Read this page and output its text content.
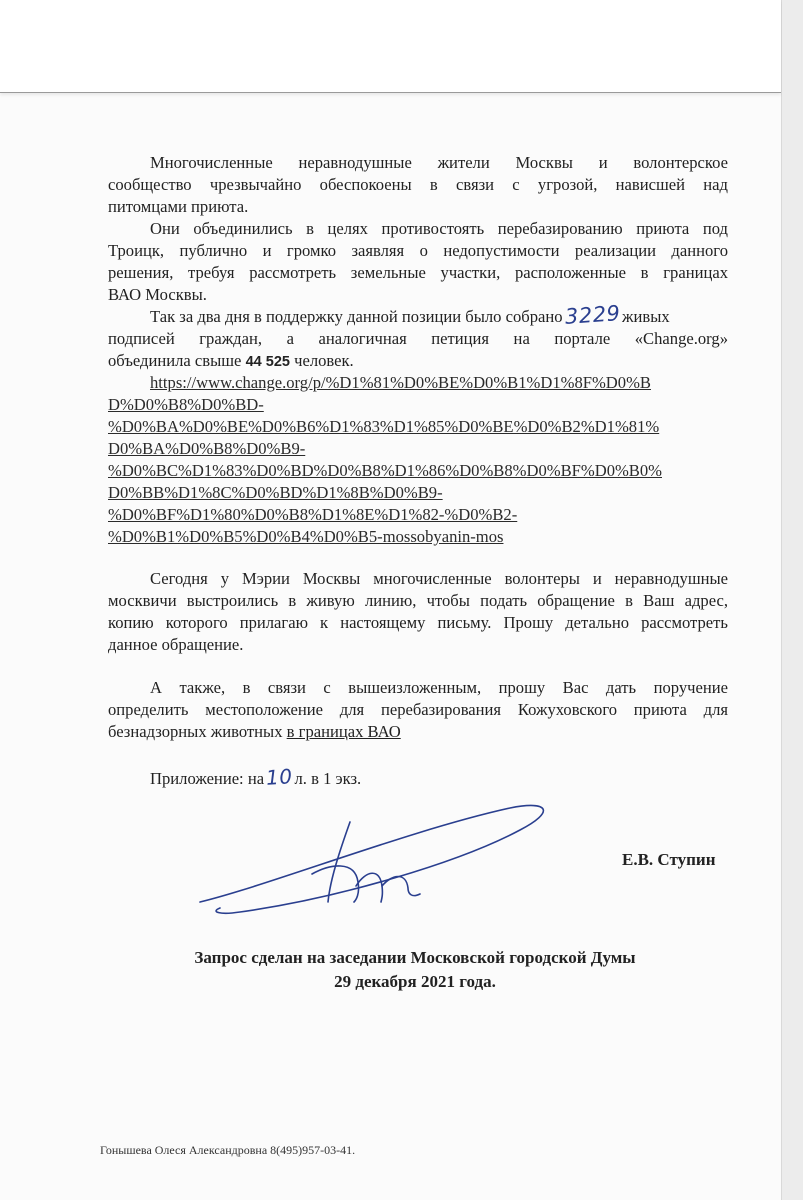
Многочисленные неравнодушные жители Москвы и волонтерское
сообщество чрезвычайно обеспокоены в связи с угрозой, нависшей над
питомцами приюта.
Они объединились в целях противостоять перебазированию приюта под
Троицк, публично и громко заявляя о недопустимости реализации данного
решения, требуя рассмотреть земельные участки, расположенные в границах
ВАО Москвы.
Так за два дня в поддержку данной позиции было собрано3229живых
подписей граждан, а аналогичная петиция на портале «Change.org»
объединила свыше 44 525 человек.
https://www.change.org/p/%D1%81%D0%BE%D0%B1%D1%8F%D0%B
D%D0%B8%D0%BD-
%D0%BA%D0%BE%D0%B6%D1%83%D1%85%D0%BE%D0%B2%D1%81%
D0%BA%D0%B8%D0%B9-
%D0%BC%D1%83%D0%BD%D0%B8%D1%86%D0%B8%D0%BF%D0%B0%
D0%BB%D1%8C%D0%BD%D1%8B%D0%B9-
%D0%BF%D1%80%D0%B8%D1%8E%D1%82-%D0%B2-
%D0%B1%D0%B5%D0%B4%D0%B5-mossobyanin-mos
Сегодня у Мэрии Москвы многочисленные волонтеры и неравнодушные
москвичи выстроились в живую линию, чтобы подать обращение в Ваш адрес,
копию которого прилагаю к настоящему письму. Прошу детально рассмотреть
данное обращение.
А также, в связи с вышеизложенным, прошу Вас дать поручение
определить местоположение для перебазирования Кожуховского приюта для
безнадзорных животных в границах ВАО
Приложение: на10л. в 1 экз.
Е.В. Ступин
Запрос сделан на заседании Московской городской Думы
29 декабря 2021 года.
Гонышева Олеся Александровна 8(495)957-03-41.
